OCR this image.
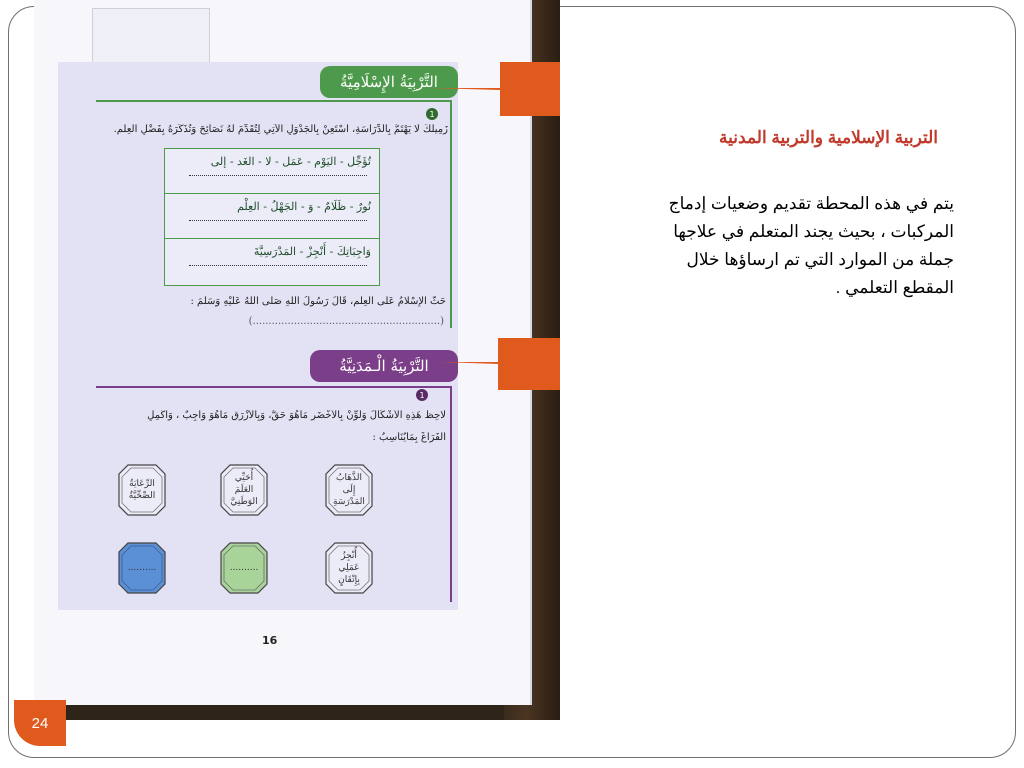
التَّرْبِيَةُ الإِسْلَامِيَّةُ
1
زَمِيلُكَ لَا يَهْتَمُّ بِالدِّرَاسَةِ، اسْتَعِنْ بِالجَدْوَلِ الآتِي لِتُقَدِّمَ لَهُ نَصَائِحَ وَتُذَكِّرَهُ بِفَضْلِ العِلْمِ.
تُؤَجِّل - اليَوْم - عَمَل - لا - الغَد - إلى
نُورٌ - ظَلَامٌ - وَ - الجَهْلُ - العِلْم
وَاجِبَاتِكَ - أَنْجِزْ - المَدْرَسِيَّةَ
حَثَّ الإِسْلَامُ عَلَى العِلْمِ، قَالَ رَسُولُ اللهِ صَلَّى اللهُ عَلَيْهِ وَسَلَّمَ :
(...........................................................)
التَّرْبِيَةُ الْـمَدَنِيَّةُ
1
لَاحِظْ هَذِهِ الأَشْكَالَ وَلَوِّنْ بِالأَخْضَرِ مَاهُوَ حَقٌّ، وَبِالأَزْرَقِ مَاهُوَ وَاجِبٌ ، وَأَكْمِلِ
الفَرَاغَ بِمَايُنَاسِبُ :
الذَّهَابُ إِلَى المَدْرَسَةِ
أُحَيِّي العَلَمَ الوَطَنِيَّ
الرِّعَايَةُ الصِّحِّيَّةُ
أُنْجِزُ عَمَلِي بِإِتْقَانٍ
..........
..........
16
التربية الإسلامية والتربية المدنية
يتم في هذه المحطة تقديم وضعيات إدماج
المركبات ، بحيث يجند المتعلم في علاجها
جملة من الموارد التي تم ارساؤها خلال
المقطع التعلمي .
24
